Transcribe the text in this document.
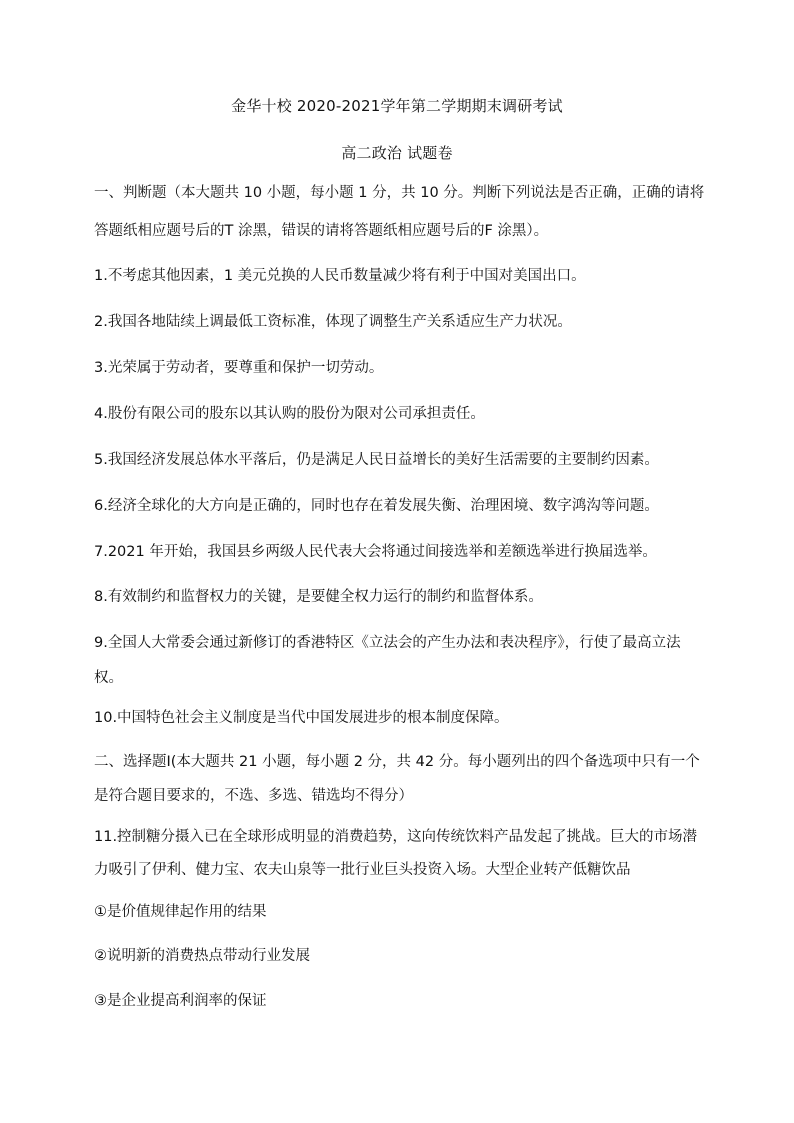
金华十校 2020-2021学年第二学期期末调研考试
高二政治 试题卷
一、判断题（本大题共 10 小题，每小题 1 分，共 10 分。判断下列说法是否正确，正确的请将
答题纸相应题号后的T 涂黑，错误的请将答题纸相应题号后的F 涂黑）。
1.不考虑其他因素，1 美元兑换的人民币数量减少将有利于中国对美国出口。
2.我国各地陆续上调最低工资标准，体现了调整生产关系适应生产力状况。
3.光荣属于劳动者，要尊重和保护一切劳动。
4.股份有限公司的股东以其认购的股份为限对公司承担责任。
5.我国经济发展总体水平落后，仍是满足人民日益增长的美好生活需要的主要制约因素。
6.经济全球化的大方向是正确的，同时也存在着发展失衡、治理困境、数字鸿沟等问题。
7.2021 年开始，我国县乡两级人民代表大会将通过间接选举和差额选举进行换届选举。
8.有效制约和监督权力的关键，是要健全权力运行的制约和监督体系。
9.全国人大常委会通过新修订的香港特区《立法会的产生办法和表决程序》，行使了最高立法
权。
10.中国特色社会主义制度是当代中国发展进步的根本制度保障。
二、选择题Ⅰ(本大题共 21 小题，每小题 2 分，共 42 分。每小题列出的四个备选项中只有一个
是符合题目要求的，不选、多选、错选均不得分）
11.控制糖分摄入已在全球形成明显的消费趋势，这向传统饮料产品发起了挑战。巨大的市场潜
力吸引了伊利、健力宝、农夫山泉等一批行业巨头投资入场。大型企业转产低糖饮品
①是价值规律起作用的结果
②说明新的消费热点带动行业发展
③是企业提高利润率的保证
